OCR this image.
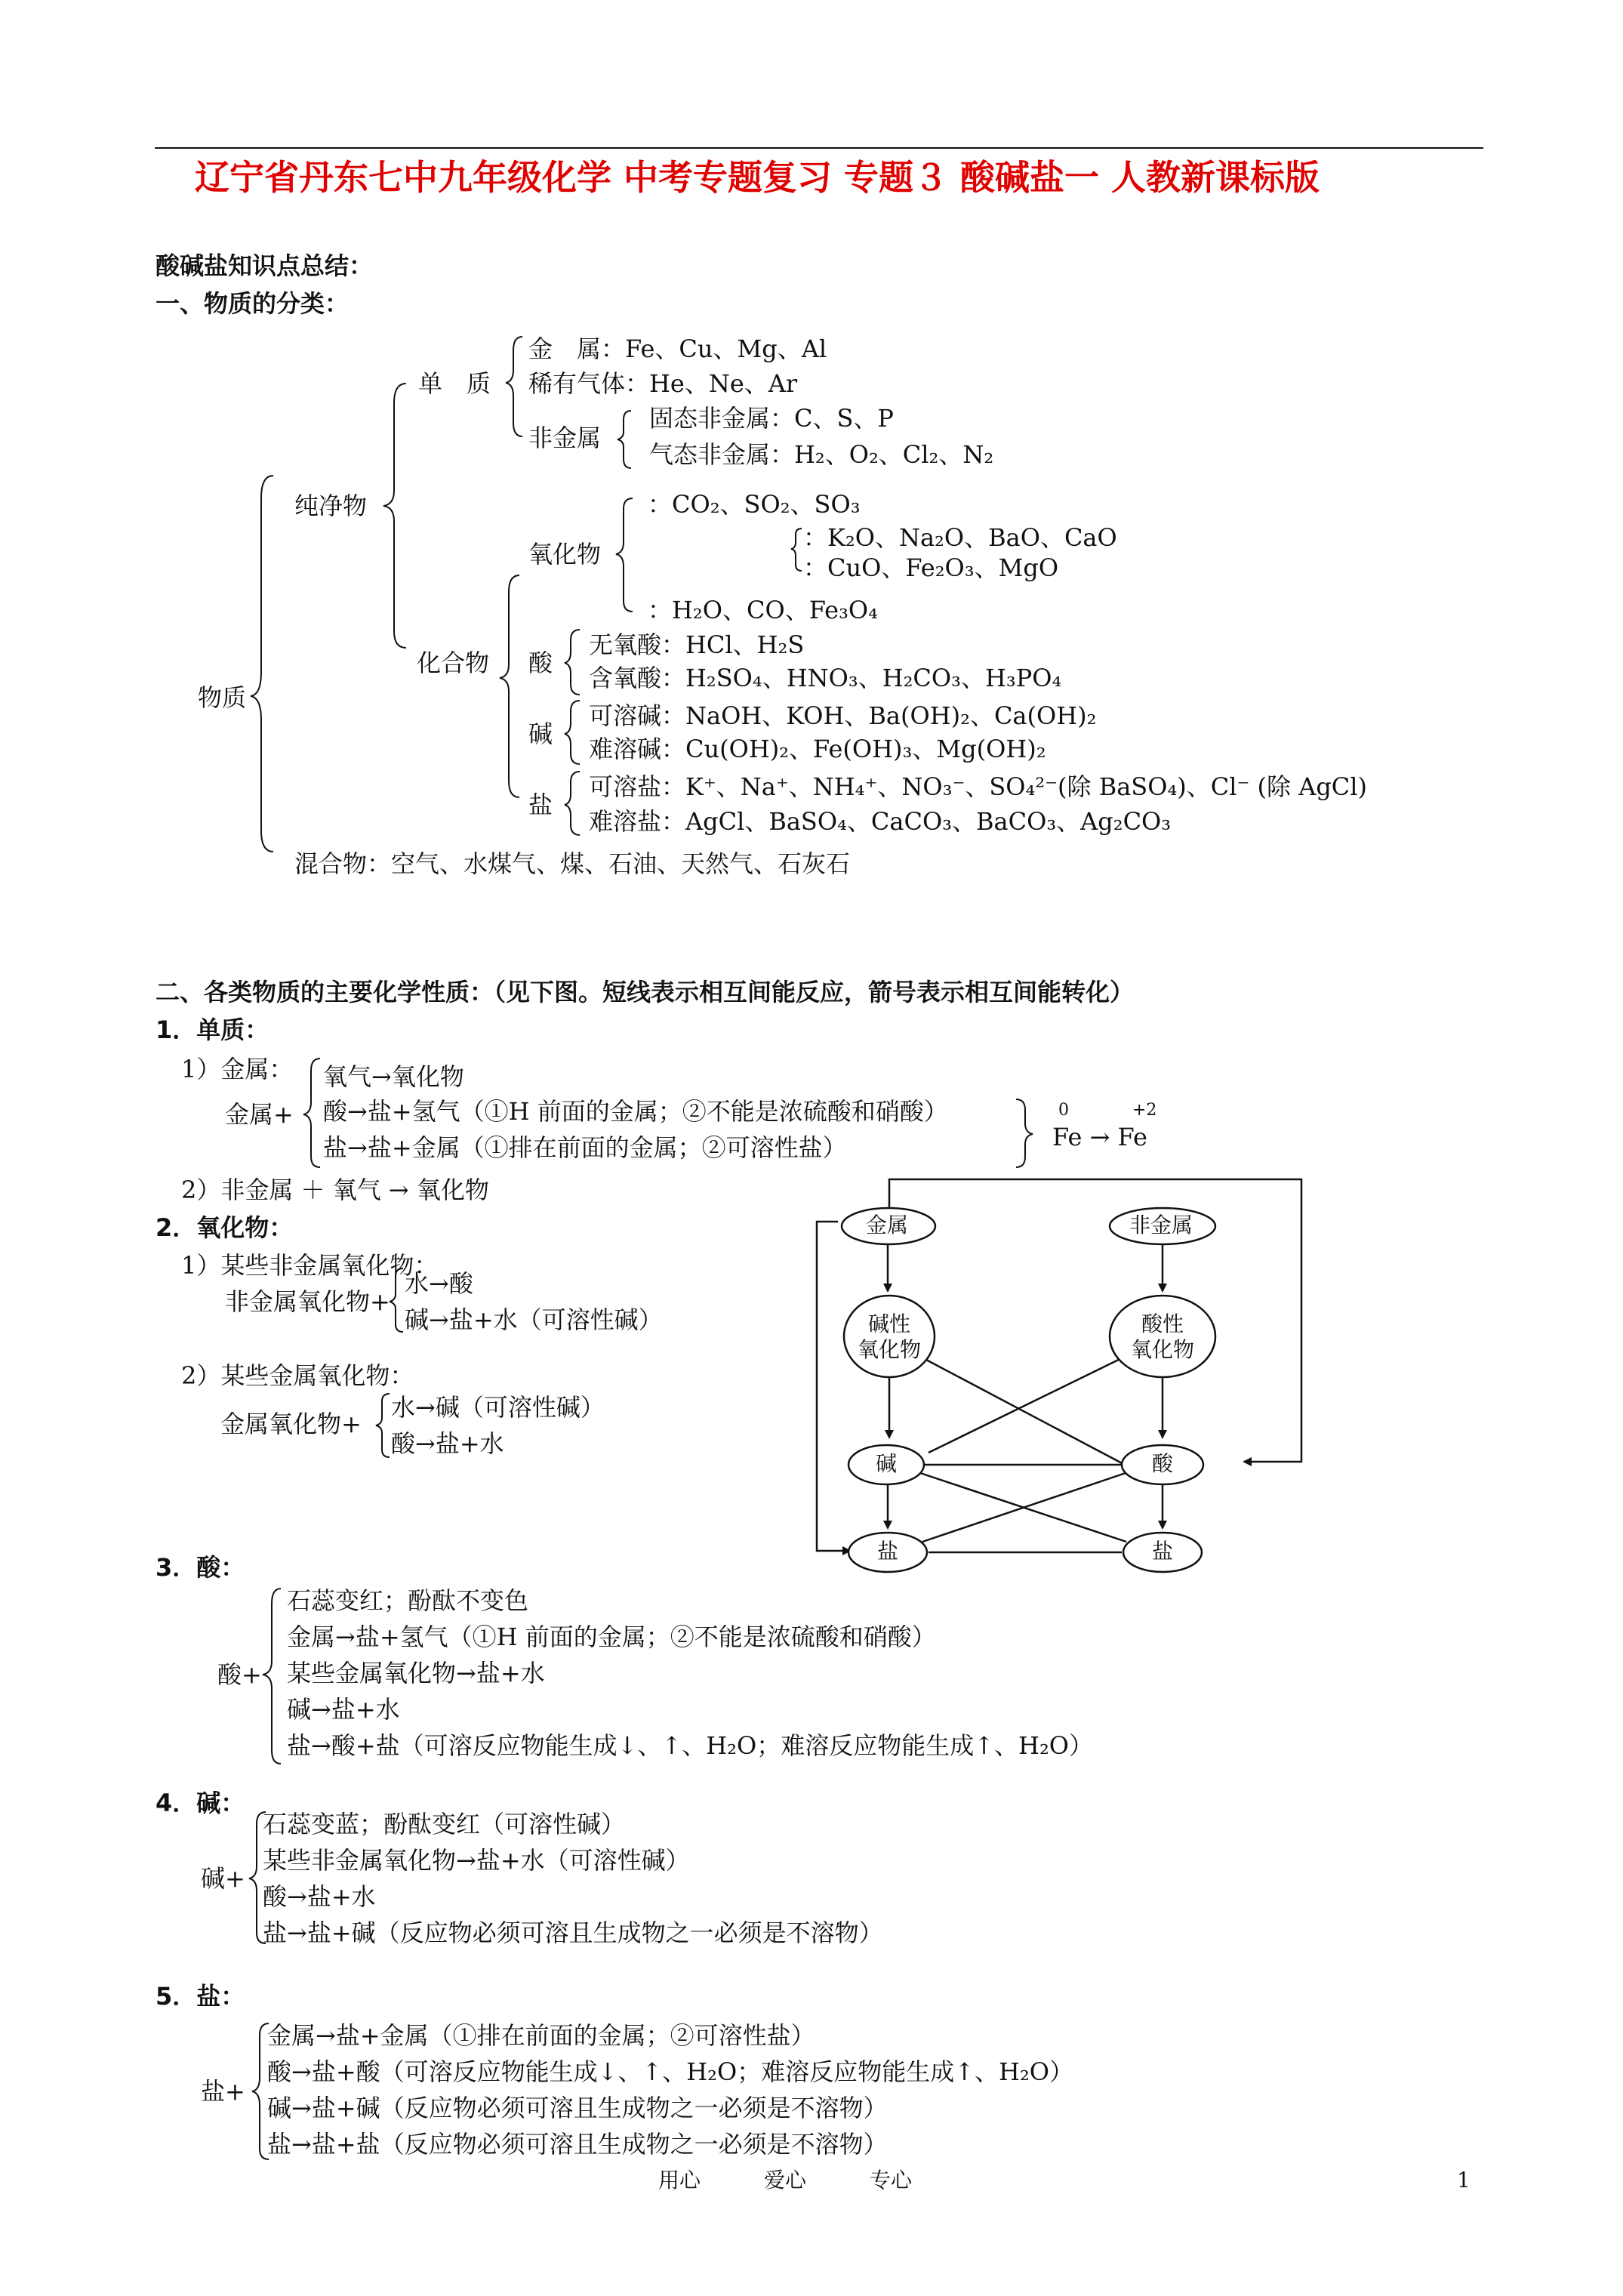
辽宁省丹东七中九年级化学 中考专题复习 专题３ 酸碱盐一 人教新课标版
酸碱盐知识点总结：
一、物质的分类：
物质
纯净物
混合物：空气、水煤气、煤、石油、天然气、石灰石
单　质
金　属：Fe、Cu、Mg、Al
稀有气体：He、Ne、Ar
非金属
固态非金属：C、S、P
气态非金属：H₂、O₂、Cl₂、N₂
化合物
氧化物
：CO₂、SO₂、SO₃
：K₂O、Na₂O、BaO、CaO
：CuO、Fe₂O₃、MgO
：H₂O、CO、Fe₃O₄
酸
无氧酸：HCl、H₂S
含氧酸：H₂SO₄、HNO₃、H₂CO₃、H₃PO₄
碱
可溶碱：NaOH、KOH、Ba(OH)₂、Ca(OH)₂
难溶碱：Cu(OH)₂、Fe(OH)₃、Mg(OH)₂
盐
可溶盐：K⁺、Na⁺、NH₄⁺、NO₃⁻、SO₄²⁻(除 BaSO₄)、Cl⁻ (除 AgCl)
难溶盐：AgCl、BaSO₄、CaCO₃、BaCO₃、Ag₂CO₃
二、各类物质的主要化学性质：（见下图。短线表示相互间能反应，箭号表示相互间能转化）
1．单质：
1）金属：
金属+
氧气→氧化物
酸→盐+氢气（①H 前面的金属；②不能是浓硫酸和硝酸）
盐→盐+金属（①排在前面的金属；②可溶性盐）
0	+2
Fe → Fe
2）非金属 ＋ 氧气 → 氧化物
2．氧化物：
1）某些非金属氧化物：
非金属氧化物+
水→酸
碱→盐+水（可溶性碱）
2）某些金属氧化物：
金属氧化物+
水→碱（可溶性碱）
酸→盐+水
3．酸：
酸+
石蕊变红；酚酞不变色
金属→盐+氢气（①H 前面的金属；②不能是浓硫酸和硝酸）
某些金属氧化物→盐+水
碱→盐+水
盐→酸+盐（可溶反应物能生成↓、↑、H₂O；难溶反应物能生成↑、H₂O）
4．碱：
碱+
石蕊变蓝；酚酞变红（可溶性碱）
某些非金属氧化物→盐+水（可溶性碱）
酸→盐+水
盐→盐+碱（反应物必须可溶且生成物之一必须是不溶物）
5．盐：
盐+
金属→盐+金属（①排在前面的金属；②可溶性盐）
酸→盐+酸（可溶反应物能生成↓、↑、H₂O；难溶反应物能生成↑、H₂O）
碱→盐+碱（反应物必须可溶且生成物之一必须是不溶物）
盐→盐+盐（反应物必须可溶且生成物之一必须是不溶物）
金属	非金属
碱性
氧化物
酸性
氧化物
碱	酸
盐	盐
用心　　　爱心　　　专心	1
